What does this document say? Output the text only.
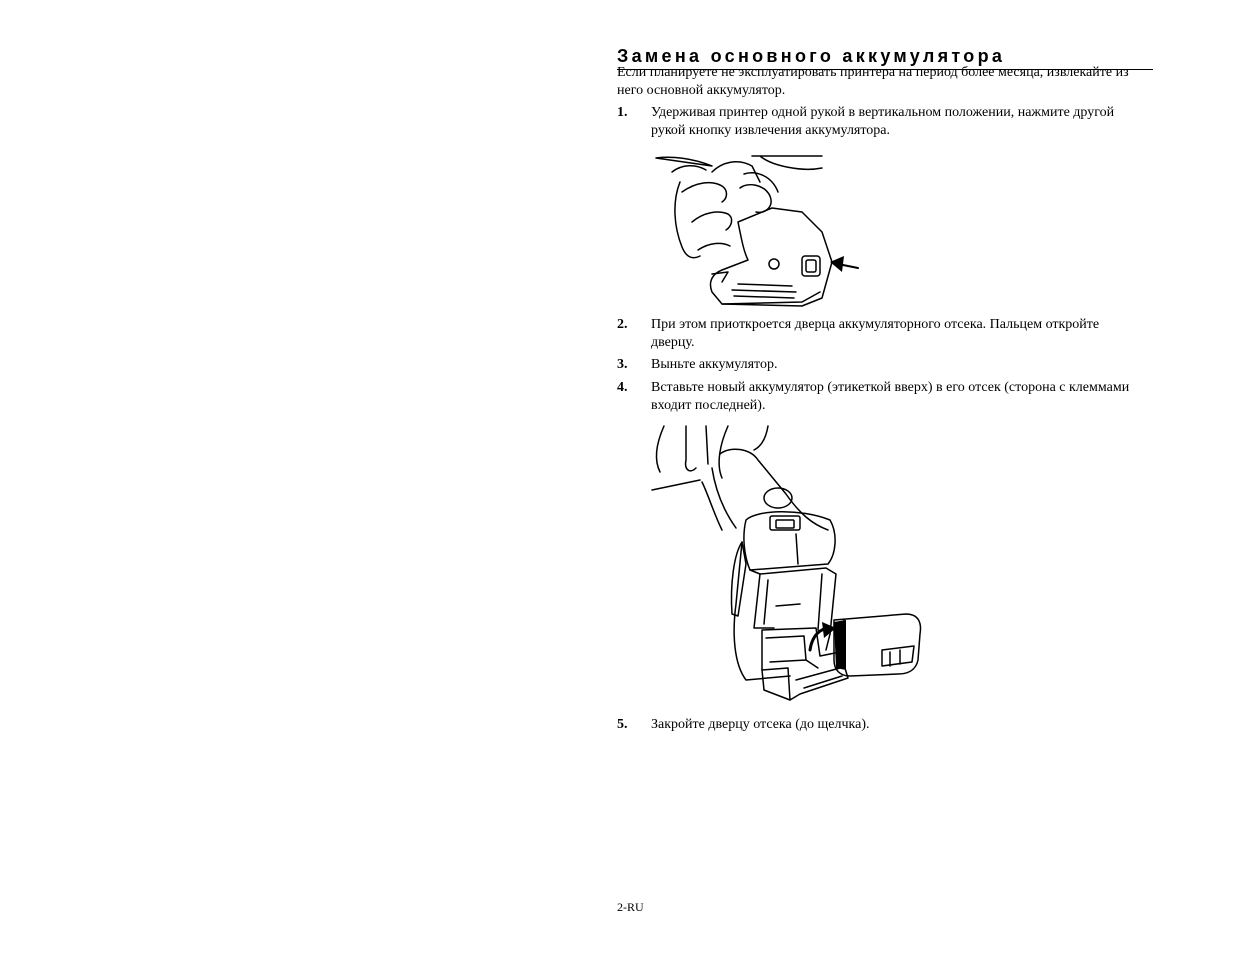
Замена основного аккумулятора

Если планируете не эксплуатировать принтера на период более месяца, извлекайте из него основной аккумулятор.

1. Удерживая принтер одной рукой в вертикальном положении, нажмите другой рукой кнопку извлечения аккумулятора.
2. При этом приоткроется дверца аккумуляторного отсека. Пальцем откройте дверцу.
3. Выньте аккумулятор.
4. Вставьте новый аккумулятор (этикеткой вверх) в его отсек (сторона с клеммами входит последней).
5. Закройте дверцу отсека (до щелчка).
2-RU
